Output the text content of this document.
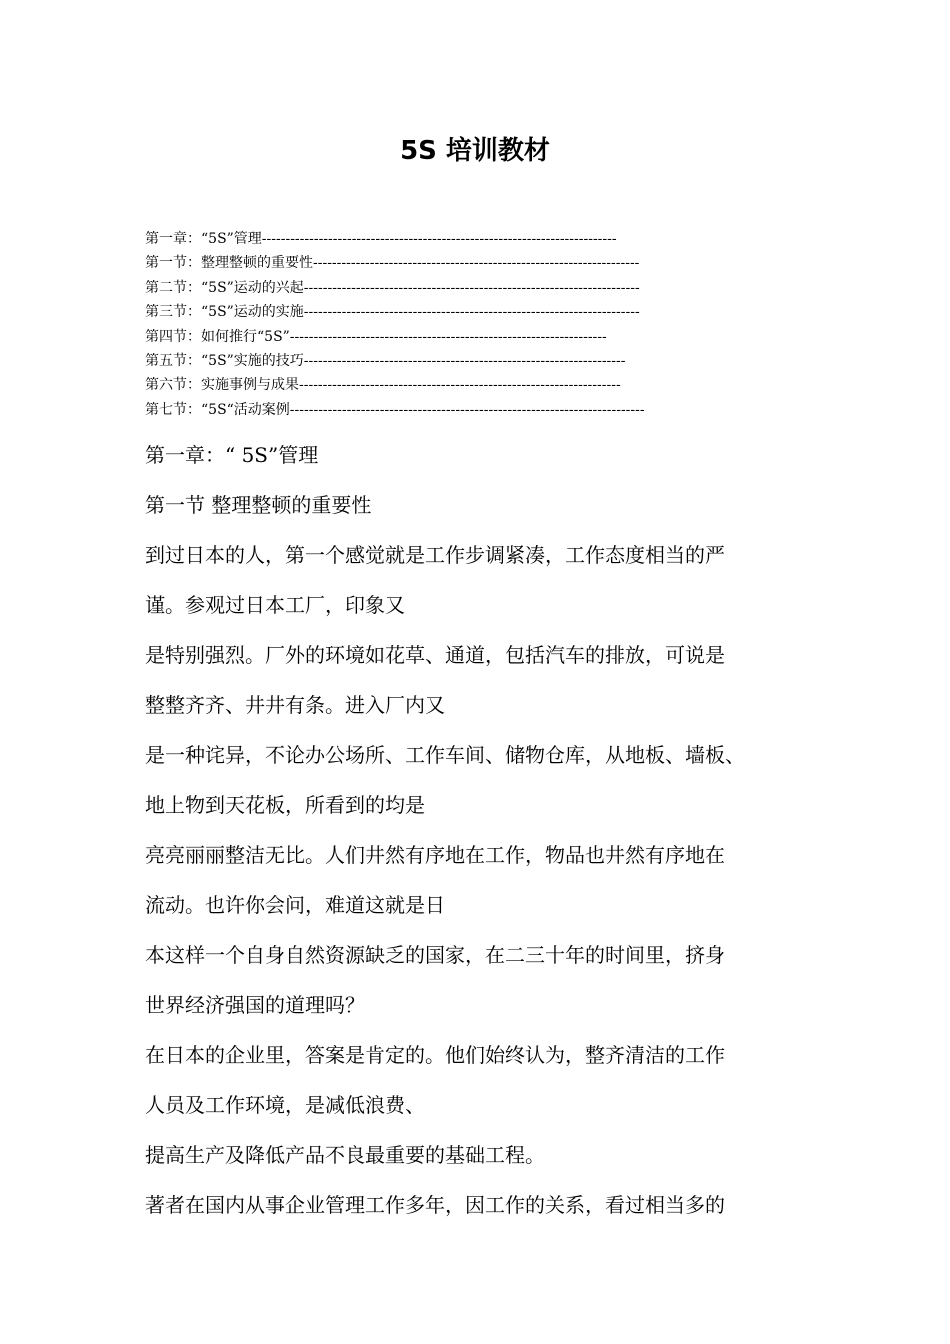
5S 培训教材
第一章：“5S”管理---------------------------------------------------------------------------
第一节：整理整顿的重要性---------------------------------------------------------------------
第二节：“5S”运动的兴起-----------------------------------------------------------------------
第三节：“5S”运动的实施-----------------------------------------------------------------------
第四节：如何推行“5S”-------------------------------------------------------------------
第五节：“5S”实施的技巧--------------------------------------------------------------------
第六节：实施事例与成果--------------------------------------------------------------------
第七节：“5S“活动案例---------------------------------------------------------------------------

第一章：“ 5S”管理

第一节 整理整顿的重要性

到过日本的人，第一个感觉就是工作步调紧凑，工作态度相当的严

谨。参观过日本工厂，印象又

是特别强烈。厂外的环境如花草、通道，包括汽车的排放，可说是

整整齐齐、井井有条。进入厂内又

是一种诧异，不论办公场所、工作车间、储物仓库，从地板、墙板、

地上物到天花板，所看到的均是

亮亮丽丽整洁无比。人们井然有序地在工作，物品也井然有序地在

流动。也许你会问，难道这就是日

本这样一个自身自然资源缺乏的国家，在二三十年的时间里，挤身

世界经济强国的道理吗？

在日本的企业里，答案是肯定的。他们始终认为，整齐清洁的工作

人员及工作环境，是减低浪费、

提高生产及降低产品不良最重要的基础工程。

著者在国内从事企业管理工作多年，因工作的关系，看过相当多的
